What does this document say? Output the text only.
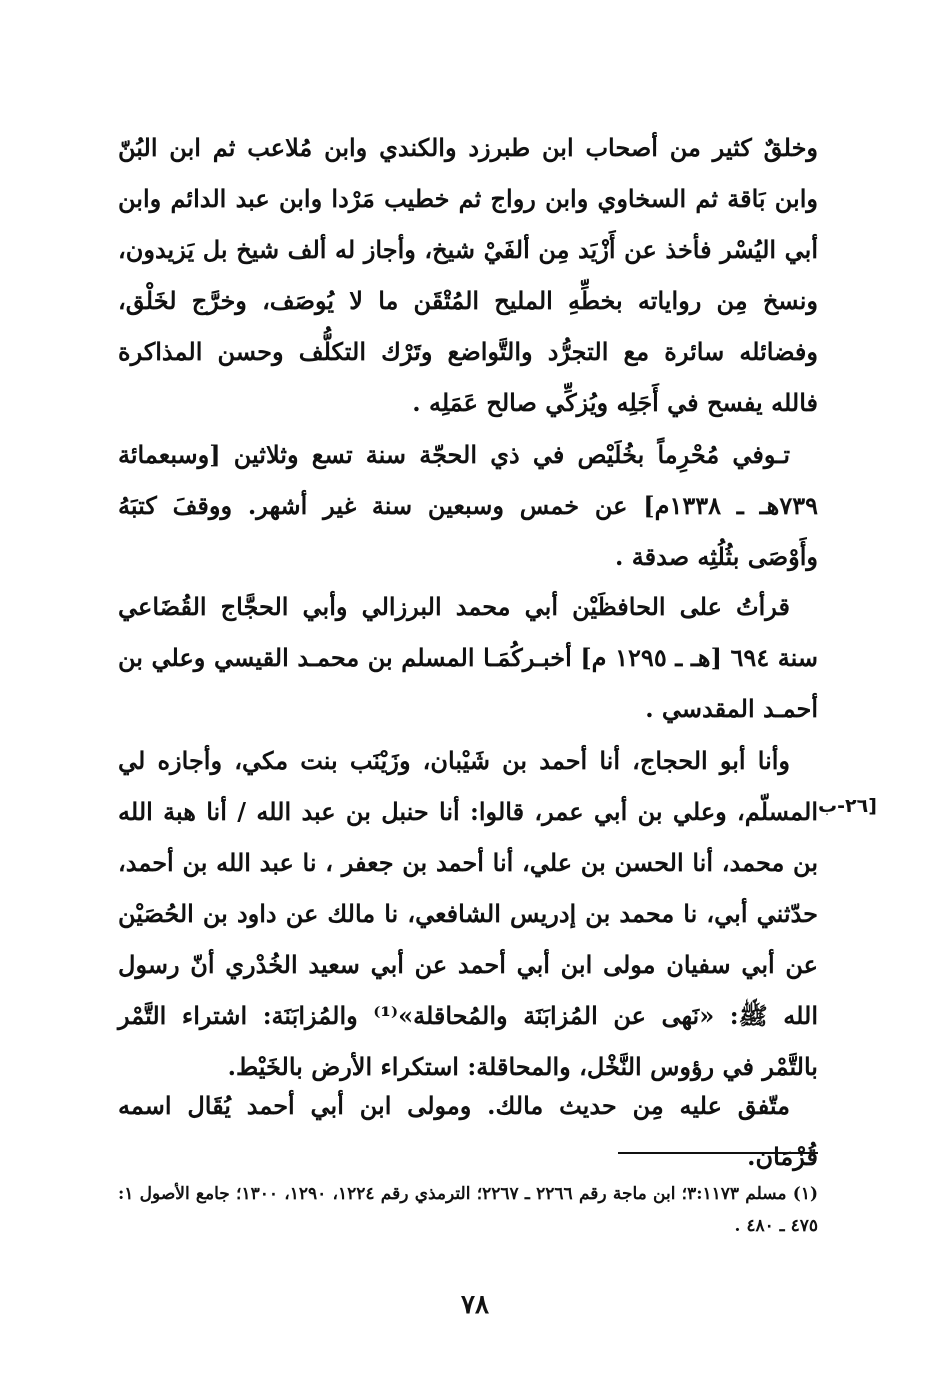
وخلقٌ كثير من أصحاب ابن طبرزد والكندي وابن مُلاعب ثم ابن البُنّ وابن بَاقة ثم السخاوي وابن رواج ثم خطيب مَرْدا وابن عبد الدائم وابن أبي اليُسْر فأخذ عن أَزْيَد مِن ألفَيْ شيخ، وأجاز له ألف شيخ بل يَزيدون، ونسخ مِن رواياته بخطِّهِ المليح المُتْقَن ما لا يُوصَف، وخرَّج لخَلْق، وفضائله سائرة مع التجرُّد والتَّواضع وتَرْك التكلُّف وحسن المذاكرة فالله يفسح في أَجَلِه ويُزكِّي صالح عَمَلِه .

تـوفي مُحْرِماً بخُلَيْص في ذي الحجّة سنة تسع وثلاثين [وسبعمائة ٧٣٩هـ ـ ١٣٣٨م] عن خمس وسبعين سنة غير أشهر. ووقفَ كتبَهُ وأَوْصَى بثُلُثِه صدقة .

قرأتُ على الحافظَيْن أبي محمد البرزالي وأبي الحجَّاج القُضَاعي سنة ٦٩٤ [هـ ـ ١٢٩٥ م] أخبـركُمَـا المسلم بن محمـد القيسي وعلي بن أحمـد المقدسي .

وأنا أبو الحجاج، أنا أحمد بن شَيْبان، وزَيْنَب بنت مكي، وأجازه لي المسلّم، وعلي بن أبي عمر، قالوا: أنا حنبل بن عبد الله / أنا هبة الله بن محمد، أنا الحسن بن علي، أنا أحمد بن جعفر ، نا عبد الله بن أحمد، حدّثني أبي، نا محمد بن إدريس الشافعي، نا مالك عن داود بن الحُصَيْن عن أبي سفيان مولى ابن أبي أحمد عن أبي سعيد الخُدْري أنّ رسول الله ﷺ: «نَهى عن المُزابَنَة والمُحاقلة»⁽¹⁾ والمُزابَنَة: اشتراء التَّمْر بالتَّمْر في رؤوس النَّخْل، والمحاقلة: استكراء الأرض بالخَيْط.

متّفق عليه مِن حديث مالك. ومولى ابن أبي أحمد يُقَال اسمه قُزْمَان.

٢٦-ب]
(١) مسلم ٣:١١٧٣؛ ابن ماجة رقم ٢٢٦٦ ـ ٢٢٦٧؛ الترمذي رقم ١٢٢٤، ١٢٩٠، ١٣٠٠؛ جامع الأصول ١: ٤٧٥ ـ ٤٨٠ .
٧٨
